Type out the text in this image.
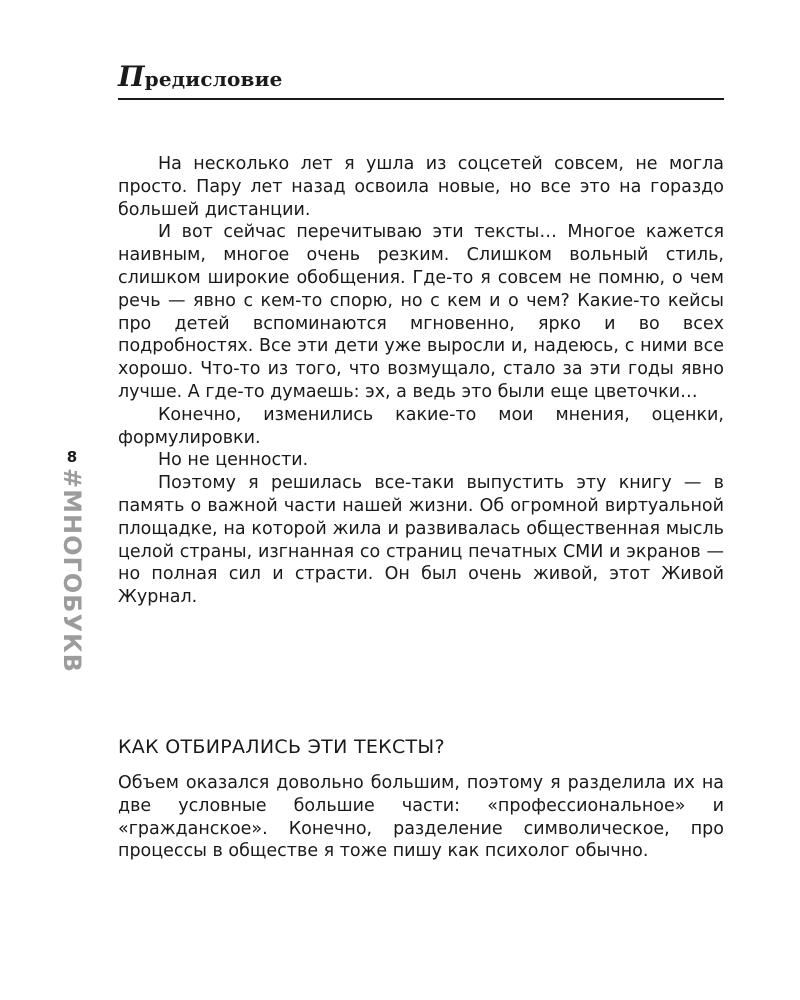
Предисловие
8
#МНОГОБУКВ

На несколько лет я ушла из соцсетей совсем, не могла просто. Пару лет назад освоила новые, но все это на гораздо большей дистанции.

И вот сейчас перечитываю эти тексты… Многое кажется наивным, многое очень резким. Слишком вольный стиль, слишком широкие обобщения. Где-то я совсем не помню, о чем речь — явно с кем-то спорю, но с кем и о чем? Какие-то кейсы про детей вспоминаются мгновенно, ярко и во всех подробностях. Все эти дети уже выросли и, надеюсь, с ними все хорошо. Что-то из того, что возмущало, стало за эти годы явно лучше. А где-то думаешь: эх, а ведь это были еще цветочки…

Конечно, изменились какие-то мои мнения, оценки, формулировки.

Но не ценности.

Поэтому я решилась все-таки выпустить эту книгу — в память о важной части нашей жизни. Об огромной виртуальной площадке, на которой жила и развивалась общественная мысль целой страны, изгнанная со страниц печатных СМИ и экранов — но полная сил и страсти. Он был очень живой, этот Живой Журнал.

КАК ОТБИРАЛИСЬ ЭТИ ТЕКСТЫ?

Объем оказался довольно большим, поэтому я разделила их на две условные большие части: «профессиональное» и «гражданское». Конечно, разделение символическое, про процессы в обществе я тоже пишу как психолог обычно.
